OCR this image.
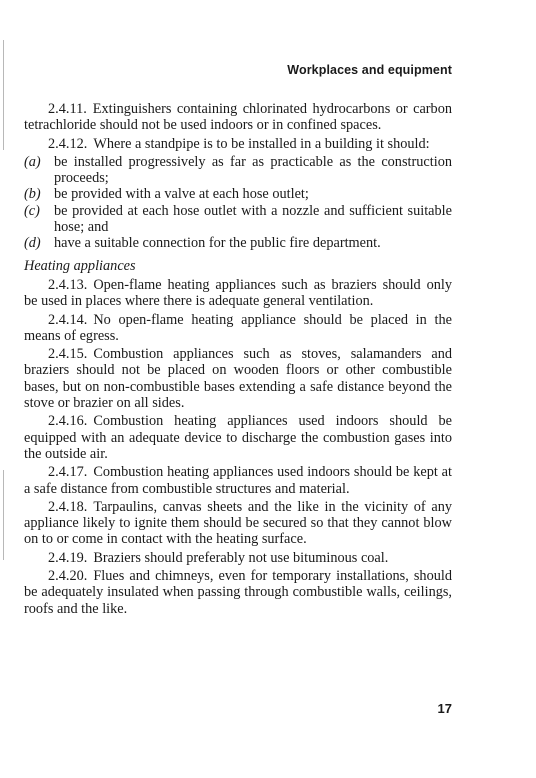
Workplaces and equipment

2.4.11. Extinguishers containing chlorinated hydrocarbons or carbon tetrachloride should not be used indoors or in confined spaces.

2.4.12. Where a standpipe is to be installed in a building it should:

(a) be installed progressively as far as practicable as the construction proceeds;
(b) be provided with a valve at each hose outlet;
(c) be provided at each hose outlet with a nozzle and sufficient suitable hose; and
(d) have a suitable connection for the public fire department.
Heating appliances

2.4.13. Open-flame heating appliances such as braziers should only be used in places where there is adequate general ventilation.

2.4.14. No open-flame heating appliance should be placed in the means of egress.

2.4.15. Combustion appliances such as stoves, salamanders and braziers should not be placed on wooden floors or other combustible bases, but on non-combustible bases extending a safe distance beyond the stove or brazier on all sides.

2.4.16. Combustion heating appliances used indoors should be equipped with an adequate device to discharge the combustion gases into the outside air.

2.4.17. Combustion heating appliances used indoors should be kept at a safe distance from combustible structures and material.

2.4.18. Tarpaulins, canvas sheets and the like in the vicinity of any appliance likely to ignite them should be secured so that they cannot blow on to or come in contact with the heating surface.

2.4.19. Braziers should preferably not use bituminous coal.

2.4.20. Flues and chimneys, even for temporary installations, should be adequately insulated when passing through combustible walls, ceilings, roofs and the like.

17
